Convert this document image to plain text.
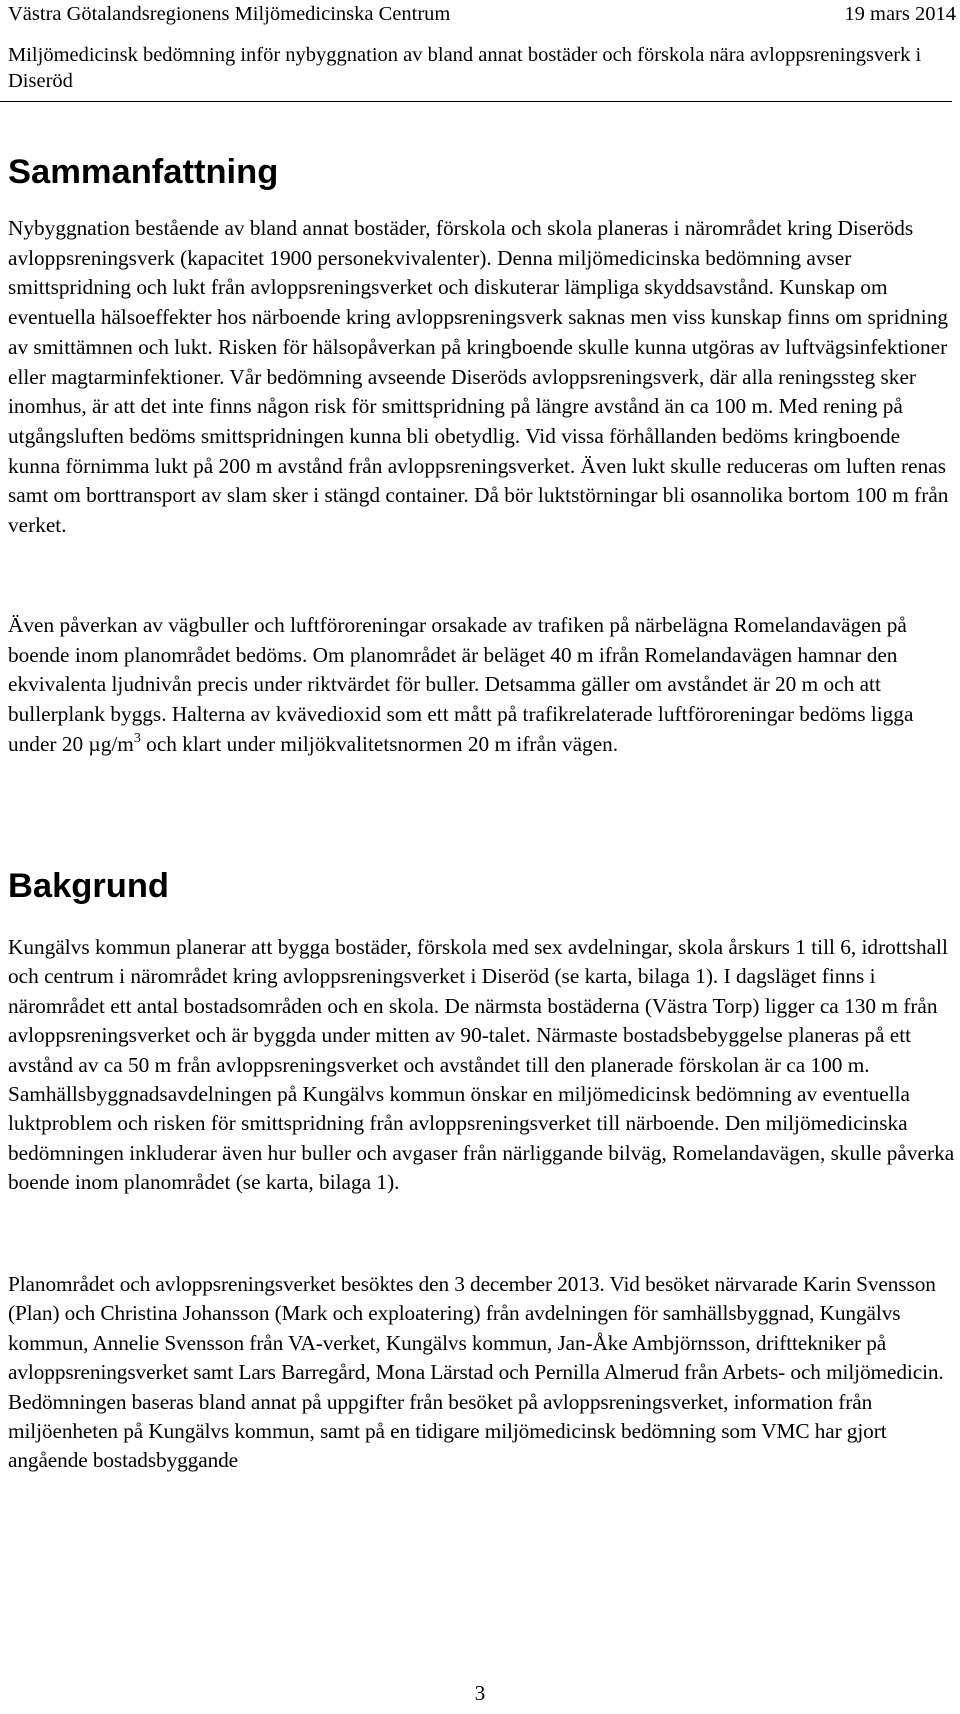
Västra Götalandsregionens Miljömedicinska Centrum	19 mars 2014
Miljömedicinsk bedömning inför nybyggnation av bland annat bostäder och förskola nära avloppsreningsverk i Diseröd
Sammanfattning

Nybyggnation bestående av bland annat bostäder, förskola och skola planeras i närområdet kring Diseröds avloppsreningsverk (kapacitet 1900 personekvivalenter). Denna miljömedicinska bedömning avser smittspridning och lukt från avloppsreningsverket och diskuterar lämpliga skyddsavstånd. Kunskap om eventuella hälsoeffekter hos närboende kring avloppsreningsverk saknas men viss kunskap finns om spridning av smittämnen och lukt. Risken för hälsopåverkan på kringboende skulle kunna utgöras av luftvägsinfektioner eller magtarminfektioner. Vår bedömning avseende Diseröds avloppsreningsverk, där alla reningssteg sker inomhus, är att det inte finns någon risk för smittspridning på längre avstånd än ca 100 m. Med rening på utgångsluften bedöms smittspridningen kunna bli obetydlig. Vid vissa förhållanden bedöms kringboende kunna förnimma lukt på 200 m avstånd från avloppsreningsverket. Även lukt skulle reduceras om luften renas samt om borttransport av slam sker i stängd container. Då bör luktstörningar bli osannolika bortom 100 m från verket.

Även påverkan av vägbuller och luftföroreningar orsakade av trafiken på närbelägna Romelandavägen på boende inom planområdet bedöms. Om planområdet är beläget 40 m ifrån Romelandavägen hamnar den ekvivalenta ljudnivån precis under riktvärdet för buller. Detsamma gäller om avståndet är 20 m och att bullerplank byggs. Halterna av kvävedioxid som ett mått på trafikrelaterade luftföroreningar bedöms ligga under 20 $\mu g/m^3$ och klart under miljökvalitetsnormen 20 m ifrån vägen.

Bakgrund

Kungälvs kommun planerar att bygga bostäder, förskola med sex avdelningar, skola årskurs 1 till 6, idrottshall och centrum i närområdet kring avloppsreningsverket i Diseröd (se karta, bilaga 1). I dagsläget finns i närområdet ett antal bostadsområden och en skola. De närmsta bostäderna (Västra Torp) ligger ca 130 m från avloppsreningsverket och är byggda under mitten av 90-talet. Närmaste bostadsbebyggelse planeras på ett avstånd av ca 50 m från avloppsreningsverket och avståndet till den planerade förskolan är ca 100 m. Samhällsbyggnadsavdelningen på Kungälvs kommun önskar en miljömedicinsk bedömning av eventuella luktproblem och risken för smittspridning från avloppsreningsverket till närboende. Den miljömedicinska bedömningen inkluderar även hur buller och avgaser från närliggande bilväg, Romelandavägen, skulle påverka boende inom planområdet (se karta, bilaga 1).

Planområdet och avloppsreningsverket besöktes den 3 december 2013. Vid besöket närvarade Karin Svensson (Plan) och Christina Johansson (Mark och exploatering) från avdelningen för samhällsbyggnad, Kungälvs kommun, Annelie Svensson från VA-verket, Kungälvs kommun, Jan-Åke Ambjörnsson, drifttekniker på avloppsreningsverket samt Lars Barregård, Mona Lärstad och Pernilla Almerud från Arbets- och miljömedicin. Bedömningen baseras bland annat på uppgifter från besöket på avloppsreningsverket, information från miljöenheten på Kungälvs kommun, samt på en tidigare miljömedicinsk bedömning som VMC har gjort angående bostadsbyggande

3
